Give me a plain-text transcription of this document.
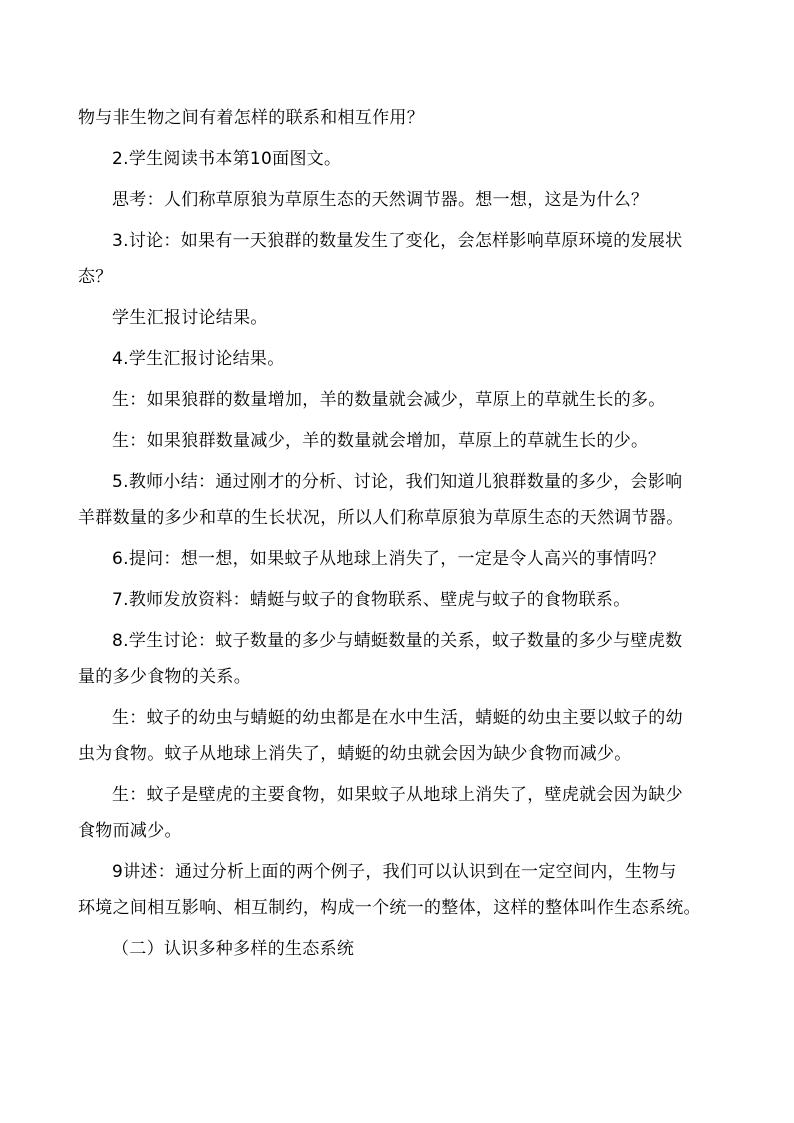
物与非生物之间有着怎样的联系和相互作用？

2.学生阅读书本第10面图文。

思考：人们称草原狼为草原生态的天然调节器。想一想，这是为什么？

3.讨论：如果有一天狼群的数量发生了变化，会怎样影响草原环境的发展状

态？

学生汇报讨论结果。

4.学生汇报讨论结果。

生：如果狼群的数量增加，羊的数量就会减少，草原上的草就生长的多。

生：如果狼群数量减少，羊的数量就会增加，草原上的草就生长的少。

5.教师小结：通过刚才的分析、讨论，我们知道儿狼群数量的多少，会影响

羊群数量的多少和草的生长状况，所以人们称草原狼为草原生态的天然调节器。

6.提问：想一想，如果蚊子从地球上消失了，一定是令人高兴的事情吗？

7.教师发放资料：蜻蜓与蚊子的食物联系、壁虎与蚊子的食物联系。

8.学生讨论：蚊子数量的多少与蜻蜓数量的关系，蚊子数量的多少与壁虎数

量的多少食物的关系。

生：蚊子的幼虫与蜻蜓的幼虫都是在水中生活，蜻蜓的幼虫主要以蚊子的幼

虫为食物。蚊子从地球上消失了，蜻蜓的幼虫就会因为缺少食物而减少。

生：蚊子是壁虎的主要食物，如果蚊子从地球上消失了，壁虎就会因为缺少

食物而减少。

9讲述：通过分析上面的两个例子，我们可以认识到在一定空间内，生物与

环境之间相互影响、相互制约，构成一个统一的整体，这样的整体叫作生态系统。

（二）认识多种多样的生态系统
